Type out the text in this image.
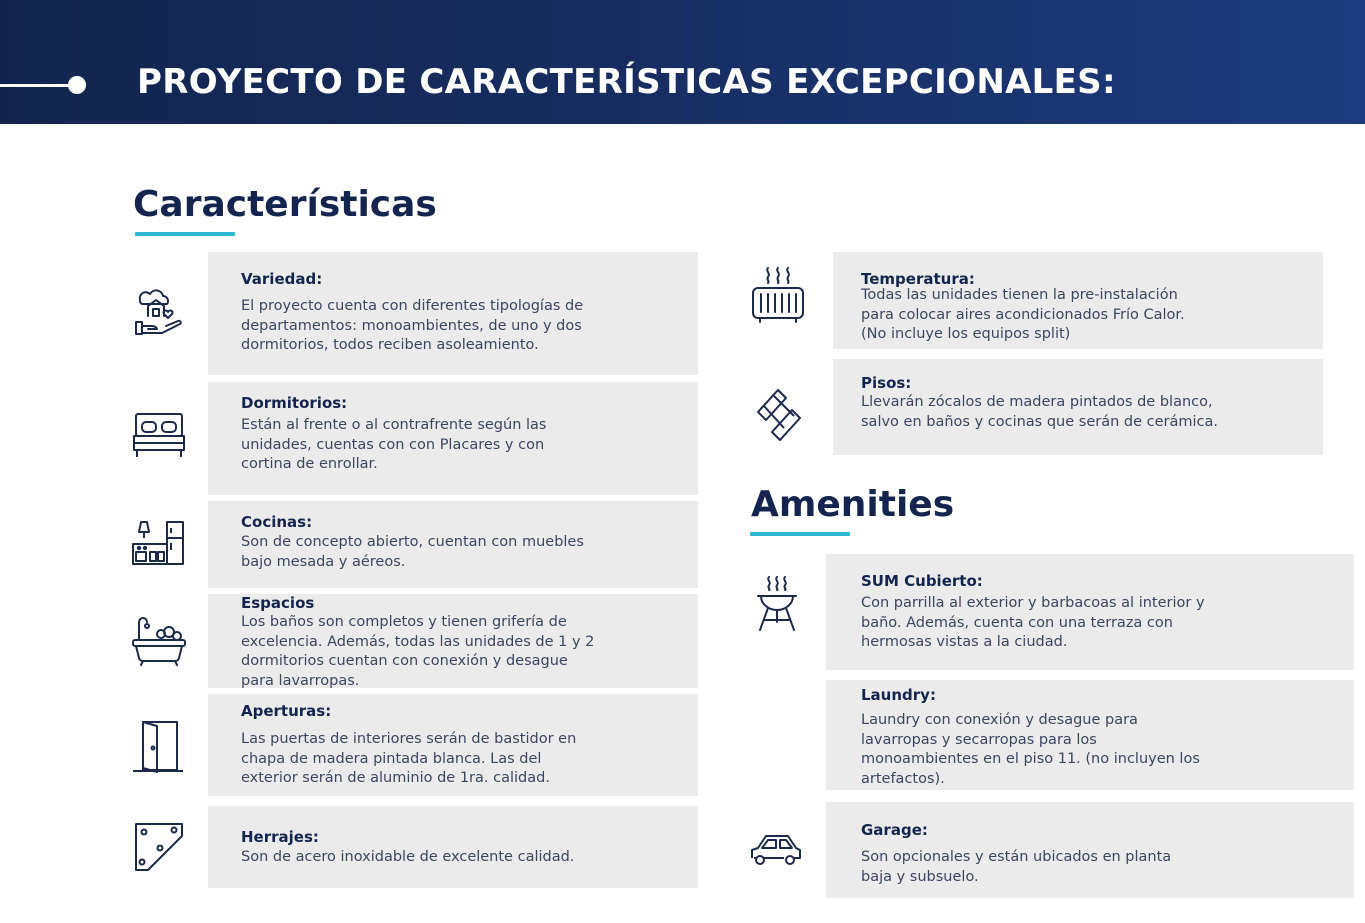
PROYECTO DE CARACTERÍSTICAS EXCEPCIONALES:
Características
Variedad:
El proyecto cuenta con diferentes tipologías de
departamentos: monoambientes, de uno y dos
dormitorios, todos reciben asoleamiento.
Dormitorios:
Están al frente o al contrafrente según las
unidades, cuentas con con Placares y con
cortina de enrollar.
Cocinas:
Son de concepto abierto, cuentan con muebles
bajo mesada y aéreos.
Espacios
Los baños son completos y tienen grifería de
excelencia. Además, todas las unidades de 1 y 2
dormitorios cuentan con conexión y desague
para lavarropas.
Aperturas:
Las puertas de interiores serán de bastidor en
chapa de madera pintada blanca. Las del
exterior serán de aluminio de 1ra. calidad.
Herrajes:
Son de acero inoxidable de excelente calidad.
Temperatura:
Todas las unidades tienen la pre-instalación
para colocar aires acondicionados Frío Calor.
(No incluye los equipos split)
Pisos:
Llevarán zócalos de madera pintados de blanco,
salvo en baños y cocinas que serán de cerámica.
Amenities
SUM Cubierto:
Con parrilla al exterior y barbacoas al interior y
baño. Además, cuenta con una terraza con
hermosas vistas a la ciudad.
Laundry:
Laundry con conexión y desague para
lavarropas y secarropas para los
monoambientes en el piso 11. (no incluyen los
artefactos).
Garage:
Son opcionales y están ubicados en planta
baja y subsuelo.
